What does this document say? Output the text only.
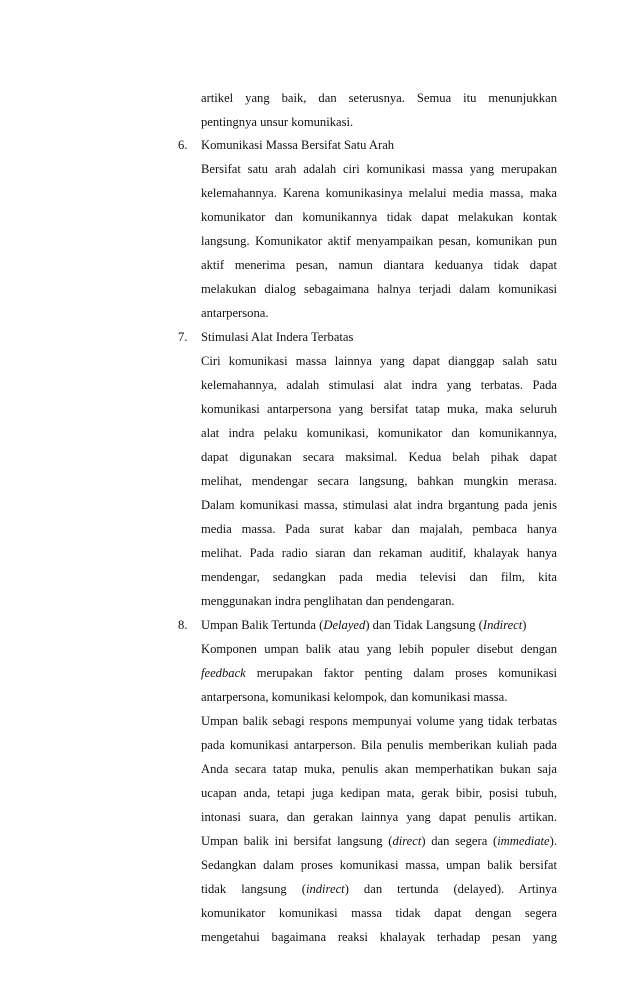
artikel yang baik, dan seterusnya. Semua itu menunjukkan
pentingnya unsur komunikasi.
6. Komunikasi Massa Bersifat Satu Arah
Bersifat satu arah adalah ciri komunikasi massa yang merupakan
kelemahannya. Karena komunikasinya melalui media massa, maka
komunikator dan komunikannya tidak dapat melakukan kontak
langsung. Komunikator aktif menyampaikan pesan, komunikan pun
aktif menerima pesan, namun diantara keduanya tidak dapat
melakukan dialog sebagaimana halnya terjadi dalam komunikasi
antarpersona.
7. Stimulasi Alat Indera Terbatas
Ciri komunikasi massa lainnya yang dapat dianggap salah satu
kelemahannya, adalah stimulasi alat indra yang terbatas. Pada
komunikasi antarpersona yang bersifat tatap muka, maka seluruh
alat indra pelaku komunikasi, komunikator dan komunikannya,
dapat digunakan secara maksimal. Kedua belah pihak dapat
melihat, mendengar secara langsung, bahkan mungkin merasa.
Dalam komunikasi massa, stimulasi alat indra brgantung pada jenis
media massa. Pada surat kabar dan majalah, pembaca hanya
melihat. Pada radio siaran dan rekaman auditif, khalayak hanya
mendengar, sedangkan pada media televisi dan film, kita
menggunakan indra penglihatan dan pendengaran.
8. Umpan Balik Tertunda (Delayed) dan Tidak Langsung (Indirect)
Komponen umpan balik atau yang lebih populer disebut dengan
feedback merupakan faktor penting dalam proses komunikasi
antarpersona, komunikasi kelompok, dan komunikasi massa.
Umpan balik sebagi respons mempunyai volume yang tidak terbatas
pada komunikasi antarperson. Bila penulis memberikan kuliah pada
Anda secara tatap muka, penulis akan memperhatikan bukan saja
ucapan anda, tetapi juga kedipan mata, gerak bibir, posisi tubuh,
intonasi suara, dan gerakan lainnya yang dapat penulis artikan.
Umpan balik ini bersifat langsung (direct) dan segera (immediate).
Sedangkan dalam proses komunikasi massa, umpan balik bersifat
tidak langsung (indirect) dan tertunda (delayed). Artinya
komunikator komunikasi massa tidak dapat dengan segera
mengetahui bagaimana reaksi khalayak terhadap pesan yang
